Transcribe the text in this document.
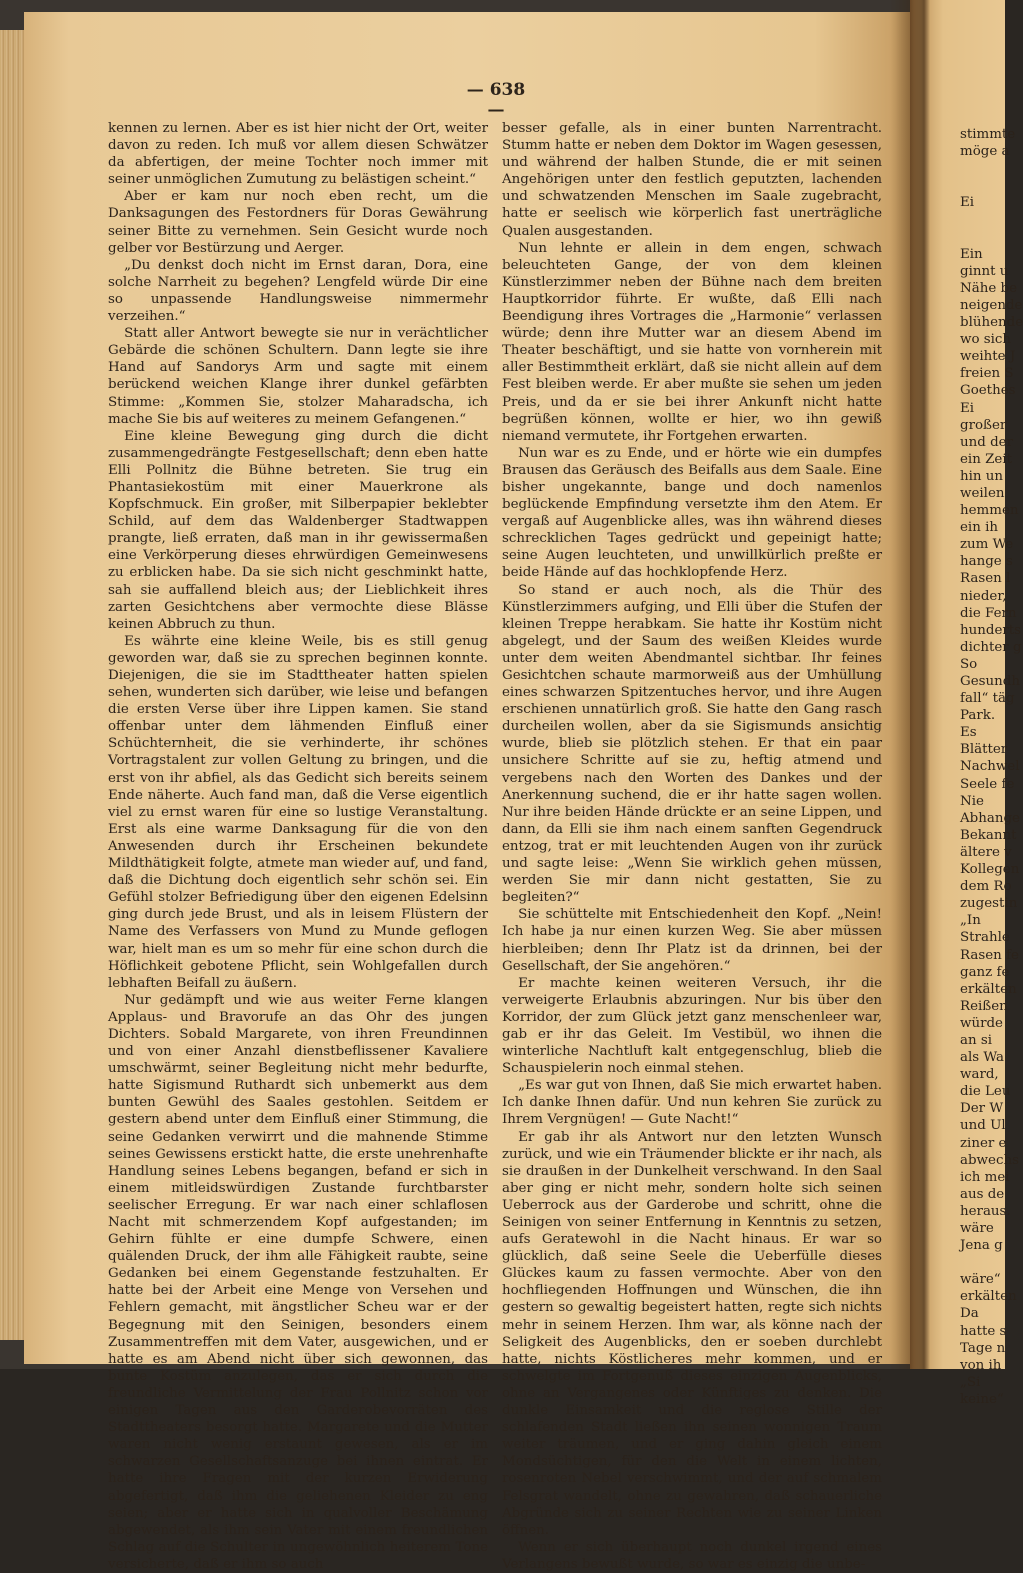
— 638 —

kennen zu lernen. Aber es ist hier nicht der Ort, weiter davon zu reden. Ich muß vor allem diesen Schwätzer da abfertigen, der meine Tochter noch immer mit seiner unmöglichen Zumutung zu belästigen scheint.“

Aber er kam nur noch eben recht, um die Danksagungen des Festordners für Doras Gewährung seiner Bitte zu vernehmen. Sein Gesicht wurde noch gelber vor Bestürzung und Aerger.

„Du denkst doch nicht im Ernst daran, Dora, eine solche Narrheit zu begehen? Lengfeld würde Dir eine so unpassende Handlungsweise nimmermehr verzeihen.“

Statt aller Antwort bewegte sie nur in verächtlicher Gebärde die schönen Schultern. Dann legte sie ihre Hand auf Sandorys Arm und sagte mit einem berückend weichen Klange ihrer dunkel gefärbten Stimme: „Kommen Sie, stolzer Maharadscha, ich mache Sie bis auf weiteres zu meinem Gefangenen.“

Eine kleine Bewegung ging durch die dicht zusammengedrängte Festgesellschaft; denn eben hatte Elli Pollnitz die Bühne betreten. Sie trug ein Phantasiekostüm mit einer Mauerkrone als Kopfschmuck. Ein großer, mit Silberpapier beklebter Schild, auf dem das Waldenberger Stadtwappen prangte, ließ erraten, daß man in ihr gewissermaßen eine Verkörperung dieses ehrwürdigen Gemeinwesens zu erblicken habe. Da sie sich nicht geschminkt hatte, sah sie auffallend bleich aus; der Lieblichkeit ihres zarten Gesichtchens aber vermochte diese Blässe keinen Abbruch zu thun.

Es währte eine kleine Weile, bis es still genug geworden war, daß sie zu sprechen beginnen konnte. Diejenigen, die sie im Stadttheater hatten spielen sehen, wunderten sich darüber, wie leise und befangen die ersten Verse über ihre Lippen kamen. Sie stand offenbar unter dem lähmenden Einfluß einer Schüchternheit, die sie verhinderte, ihr schönes Vortragstalent zur vollen Geltung zu bringen, und die erst von ihr abfiel, als das Gedicht sich bereits seinem Ende näherte. Auch fand man, daß die Verse eigentlich viel zu ernst waren für eine so lustige Veranstaltung. Erst als eine warme Danksagung für die von den Anwesenden durch ihr Erscheinen bekundete Mildthätigkeit folgte, atmete man wieder auf, und fand, daß die Dichtung doch eigentlich sehr schön sei. Ein Gefühl stolzer Befriedigung über den eigenen Edelsinn ging durch jede Brust, und als in leisem Flüstern der Name des Verfassers von Mund zu Munde geflogen war, hielt man es um so mehr für eine schon durch die Höflichkeit gebotene Pflicht, sein Wohlgefallen durch lebhaften Beifall zu äußern.

Nur gedämpft und wie aus weiter Ferne klangen Applaus- und Bravorufe an das Ohr des jungen Dichters. Sobald Margarete, von ihren Freundinnen und von einer Anzahl dienstbeflissener Kavaliere umschwärmt, seiner Begleitung nicht mehr bedurfte, hatte Sigismund Ruthardt sich unbemerkt aus dem bunten Gewühl des Saales gestohlen. Seitdem er gestern abend unter dem Einfluß einer Stimmung, die seine Gedanken verwirrt und die mahnende Stimme seines Gewissens erstickt hatte, die erste unehrenhafte Handlung seines Lebens begangen, befand er sich in einem mitleidswürdigen Zustande furchtbarster seelischer Erregung. Er war nach einer schlaflosen Nacht mit schmerzendem Kopf aufgestanden; im Gehirn fühlte er eine dumpfe Schwere, einen quälenden Druck, der ihm alle Fähigkeit raubte, seine Gedanken bei einem Gegenstande festzuhalten. Er hatte bei der Arbeit eine Menge von Versehen und Fehlern gemacht, mit ängstlicher Scheu war er der Begegnung mit den Seinigen, besonders einem Zusammentreffen mit dem Vater, ausgewichen, und er hatte es am Abend nicht über sich gewonnen, das bunte Kostüm anzulegen, das er sich durch die freundliche Vermittelung der Frau Pollnitz schon vor einigen Tagen aus den Garderobevorräten des Stadttheaters besorgt hatte. Margarete und die Mutter waren nicht wenig erstaunt gewesen, als er im schwarzen Gesellschaftsanzuge bei ihnen eintrat. Er hatte ihre Fragen mit der kurzen Erwiderung abgefertigt, daß ihm die geliehenen Kleider zu eng seien; aber er hatte sich in qualvoller Beschämung abgewendet, als ihm sein Vater mit einem freundlichen Schlag auf die Schulter in ungewöhnlich heiterem Tone versicherte, daß er ihm so auch

besser gefalle, als in einer bunten Narrentracht. Stumm hatte er neben dem Doktor im Wagen gesessen, und während der halben Stunde, die er mit seinen Angehörigen unter den festlich geputzten, lachenden und schwatzenden Menschen im Saale zugebracht, hatte er seelisch wie körperlich fast unerträgliche Qualen ausgestanden.

Nun lehnte er allein in dem engen, schwach beleuchteten Gange, der von dem kleinen Künstlerzimmer neben der Bühne nach dem breiten Hauptkorridor führte. Er wußte, daß Elli nach Beendigung ihres Vortrages die „Harmonie“ verlassen würde; denn ihre Mutter war an diesem Abend im Theater beschäftigt, und sie hatte von vornherein mit aller Bestimmtheit erklärt, daß sie nicht allein auf dem Fest bleiben werde. Er aber mußte sie sehen um jeden Preis, und da er sie bei ihrer Ankunft nicht hatte begrüßen können, wollte er hier, wo ihn gewiß niemand vermutete, ihr Fortgehen erwarten.

Nun war es zu Ende, und er hörte wie ein dumpfes Brausen das Geräusch des Beifalls aus dem Saale. Eine bisher ungekannte, bange und doch namenlos beglückende Empfindung versetzte ihm den Atem. Er vergaß auf Augenblicke alles, was ihn während dieses schrecklichen Tages gedrückt und gepeinigt hatte; seine Augen leuchteten, und unwillkürlich preßte er beide Hände auf das hochklopfende Herz.

So stand er auch noch, als die Thür des Künstlerzimmers aufging, und Elli über die Stufen der kleinen Treppe herabkam. Sie hatte ihr Kostüm nicht abgelegt, und der Saum des weißen Kleides wurde unter dem weiten Abendmantel sichtbar. Ihr feines Gesichtchen schaute marmorweiß aus der Umhüllung eines schwarzen Spitzentuches hervor, und ihre Augen erschienen unnatürlich groß. Sie hatte den Gang rasch durcheilen wollen, aber da sie Sigismunds ansichtig wurde, blieb sie plötzlich stehen. Er that ein paar unsichere Schritte auf sie zu, heftig atmend und vergebens nach den Worten des Dankes und der Anerkennung suchend, die er ihr hatte sagen wollen. Nur ihre beiden Hände drückte er an seine Lippen, und dann, da Elli sie ihm nach einem sanften Gegendruck entzog, trat er mit leuchtenden Augen von ihr zurück und sagte leise: „Wenn Sie wirklich gehen müssen, werden Sie mir dann nicht gestatten, Sie zu begleiten?“

Sie schüttelte mit Entschiedenheit den Kopf. „Nein! Ich habe ja nur einen kurzen Weg. Sie aber müssen hierbleiben; denn Ihr Platz ist da drinnen, bei der Gesellschaft, der Sie angehören.“

Er machte keinen weiteren Versuch, ihr die verweigerte Erlaubnis abzuringen. Nur bis über den Korridor, der zum Glück jetzt ganz menschenleer war, gab er ihr das Geleit. Im Vestibül, wo ihnen die winterliche Nachtluft kalt entgegenschlug, blieb die Schauspielerin noch einmal stehen.

„Es war gut von Ihnen, daß Sie mich erwartet haben. Ich danke Ihnen dafür. Und nun kehren Sie zurück zu Ihrem Vergnügen! — Gute Nacht!“

Er gab ihr als Antwort nur den letzten Wunsch zurück, und wie ein Träumender blickte er ihr nach, als sie draußen in der Dunkelheit verschwand. In den Saal aber ging er nicht mehr, sondern holte sich seinen Ueberrock aus der Garderobe und schritt, ohne die Seinigen von seiner Entfernung in Kenntnis zu setzen, aufs Geratewohl in die Nacht hinaus. Er war so glücklich, daß seine Seele die Ueberfülle dieses Glückes kaum zu fassen vermochte. Aber von den hochfliegenden Hoffnungen und Wünschen, die ihn gestern so gewaltig begeistert hatten, regte sich nichts mehr in seinem Herzen. Ihm war, als könne nach der Seligkeit des Augenblicks, den er soeben durchlebt hatte, nichts Köstlicheres mehr kommen, und er schwelgte im Fortgenuß dieses einzigen Augenblicks, ohne an Vergangenes oder Künftiges zu denken. Die dunkle Einsamkeit und die reglose Stille der schlafenden Stadt ließen ihn seinen wonnigen Traum weiter träumen, und er ging dahin gleich einem Mondsüchtigen, für den die Welt in einem lichten, rosenroten Nebel verschwimmt, und der auf schmalem Felsgrat wandelt, ohne zu gewahren, daß schauerliche Abgründe sich zu seiner Rechten wie zu seiner Linken öffnen.

Wenn er sich überhaupt noch dunkel irgend eines Verlangens bewußt wurde, so war es einzig die unbe-

stimmte
möge a
Ei
Ein
ginnt u
Nähe be
neigende
blühende
wo sich
weihte J
freien S
Goethes
Ei
großer
und der
ein Zeit
hin un
weilen
hemmen
ein ih
zum We
hange s
Rasen l
nieder,
die Fern
hunderts
dichter g
So
Gesundh
fall“ täg
Park.
Es
Blätter
Nachwel
Seele fe
Nie
Abhange
Bekannt
ältere v
Kollegen
dem Ro
zugestin
„In
Strahle
Rasen fe
ganz fe
erkälten
Reißen
würde
an si
als Wa
ward,
die Leu
Der W
und Ul
ziner e
abwechs
ich mei
aus de
heraus.
wäre
Jena g
wäre“
erkälten
Da
hatte s
Tage n
von ih
„Si
keine“
